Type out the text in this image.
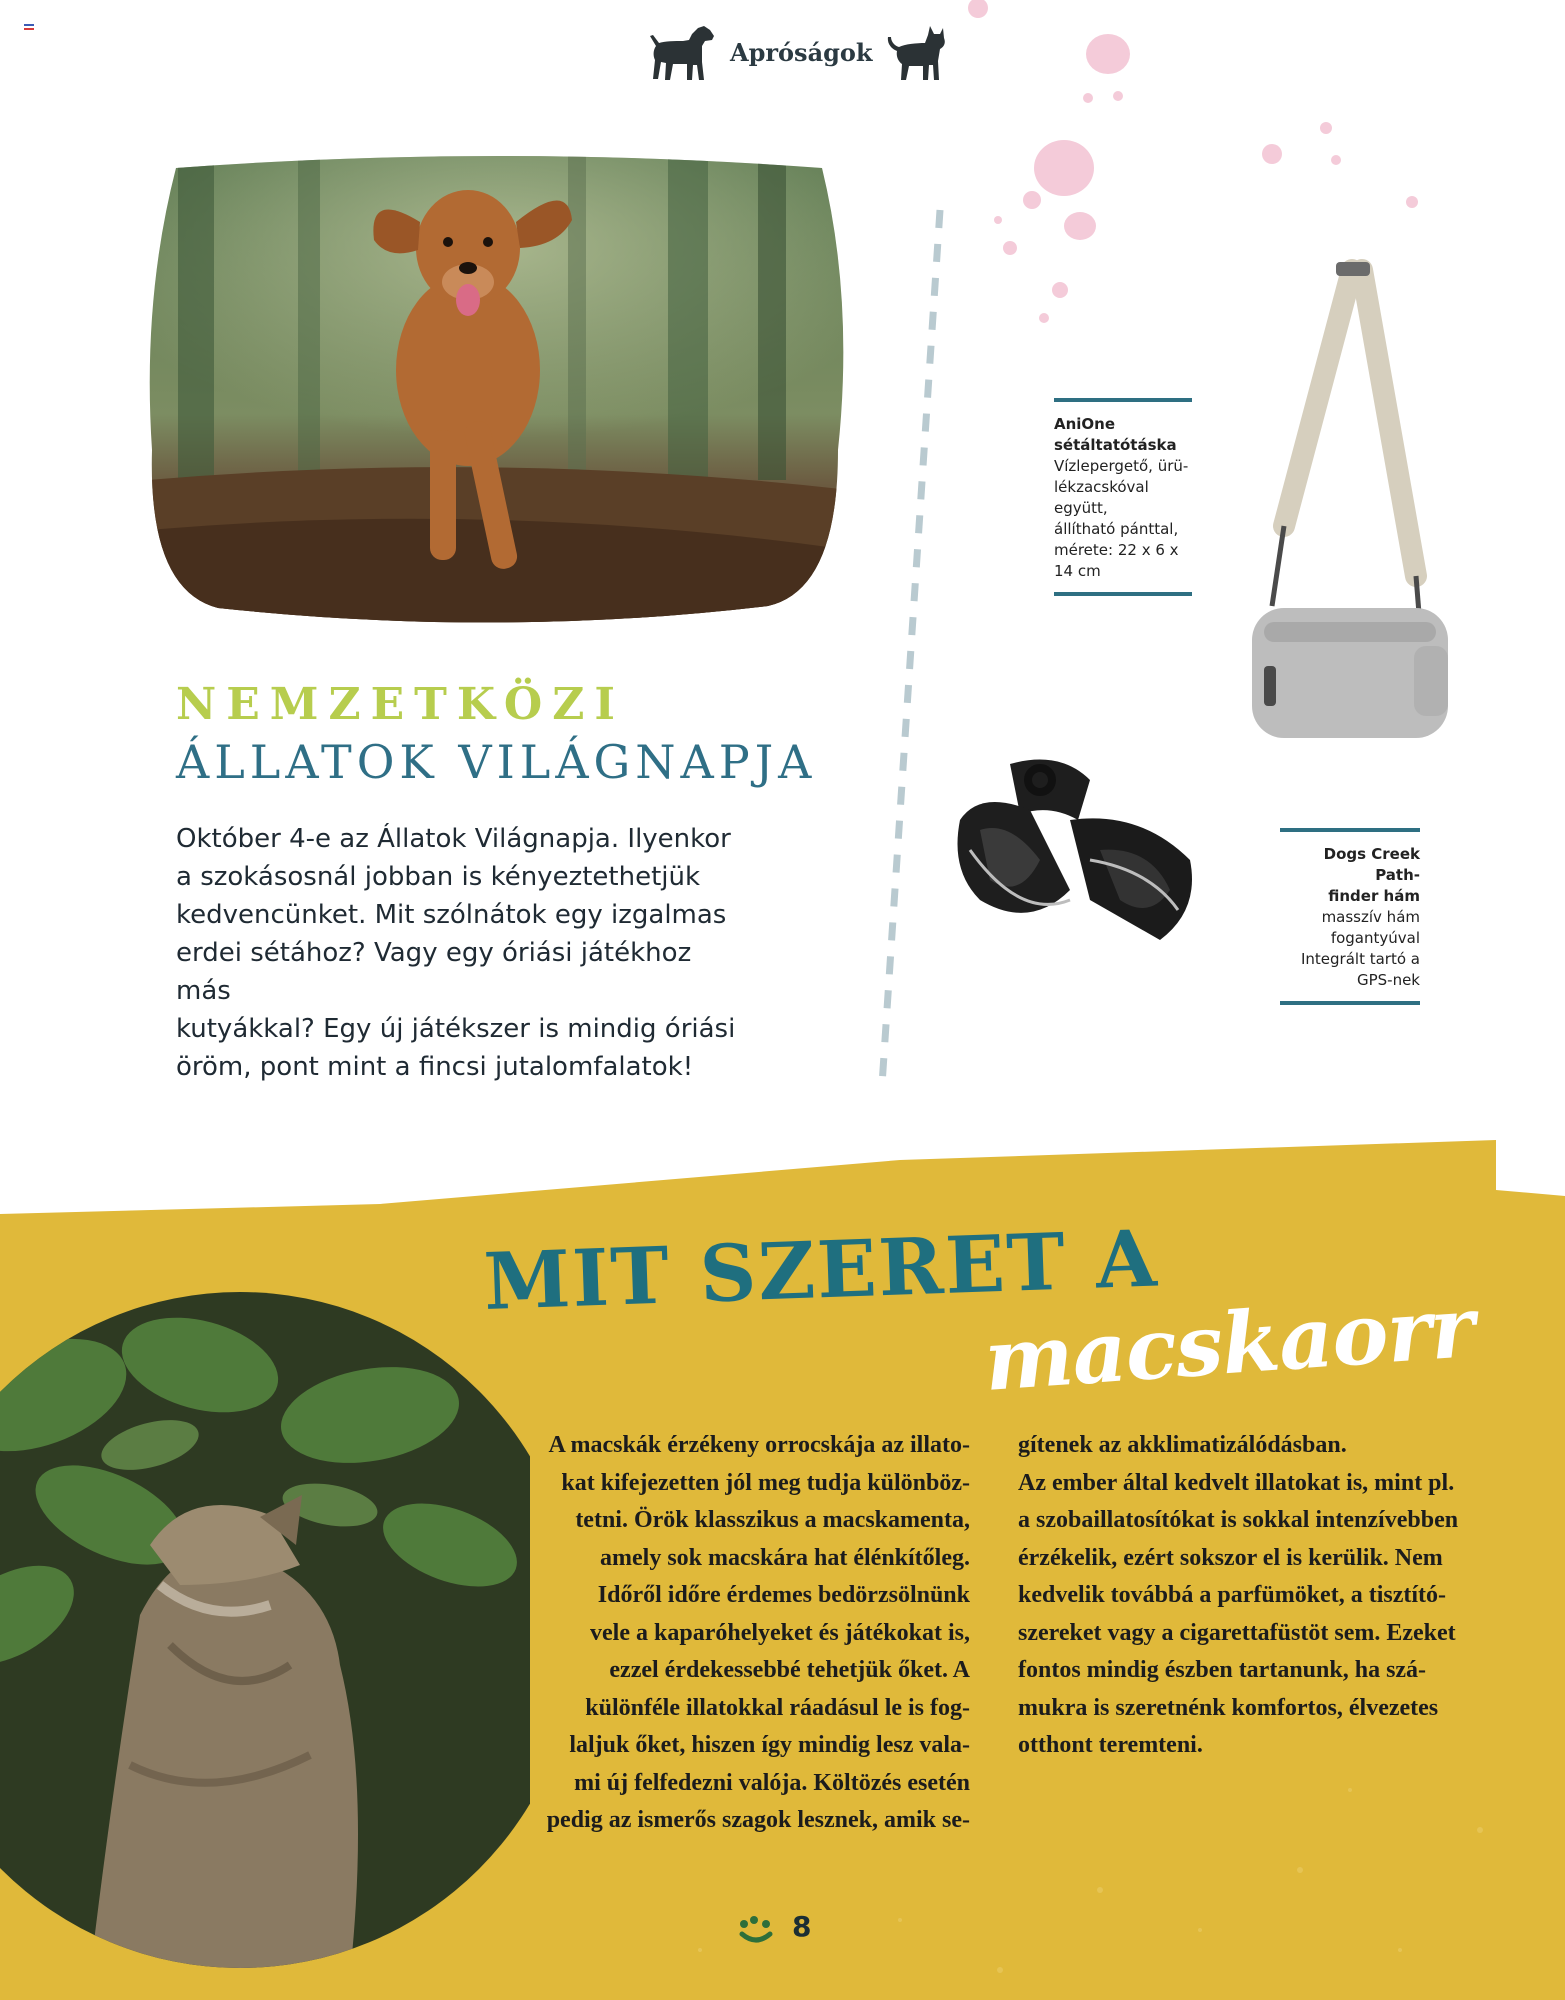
Apróságok
NEMZETKÖZI
ÁLLATOK VILÁGNAPJA
Október 4-e az Állatok Világnapja. Ilyenkor
a szokásosnál jobban is kényeztethetjük
kedvencünket. Mit szólnátok egy izgalmas
erdei sétához? Vagy egy óriási játékhoz más
kutyákkal? Egy új játékszer is mindig óriási
öröm, pont mint a fincsi jutalomfalatok!
AniOne
sétáltatótáska
Vízlepergető, ürü-
lékzacskóval együtt,
állítható pánttal,
mérete: 22 x 6 x 14 cm
Dogs Creek Path-
finder hám
masszív hám
fogantyúval
Integrált tartó a
GPS-nek
MIT SZERET A
macskaorr
A macskák érzékeny orrocskája az illato-
kat kifejezetten jól meg tudja különböz-
tetni. Örök klasszikus a macskamenta,
amely sok macskára hat élénkítőleg.
Időről időre érdemes bedörzsölnünk
vele a kaparóhelyeket és játékokat is,
ezzel érdekessebbé tehetjük őket. A
különféle illatokkal ráadásul le is fog-
laljuk őket, hiszen így mindig lesz vala-
mi új felfedezni valója. Költözés esetén
pedig az ismerős szagok lesznek, amik se-
gítenek az akklimatizálódásban.
Az ember által kedvelt illatokat is, mint pl.
a szobaillatosítókat is sokkal intenzívebben
érzékelik, ezért sokszor el is kerülik. Nem
kedvelik továbbá a parfümöket, a tisztító-
szereket vagy a cigarettafüstöt sem. Ezeket
fontos mindig észben tartanunk, ha szá-
mukra is szeretnénk komfortos, élvezetes
otthont teremteni.
8
